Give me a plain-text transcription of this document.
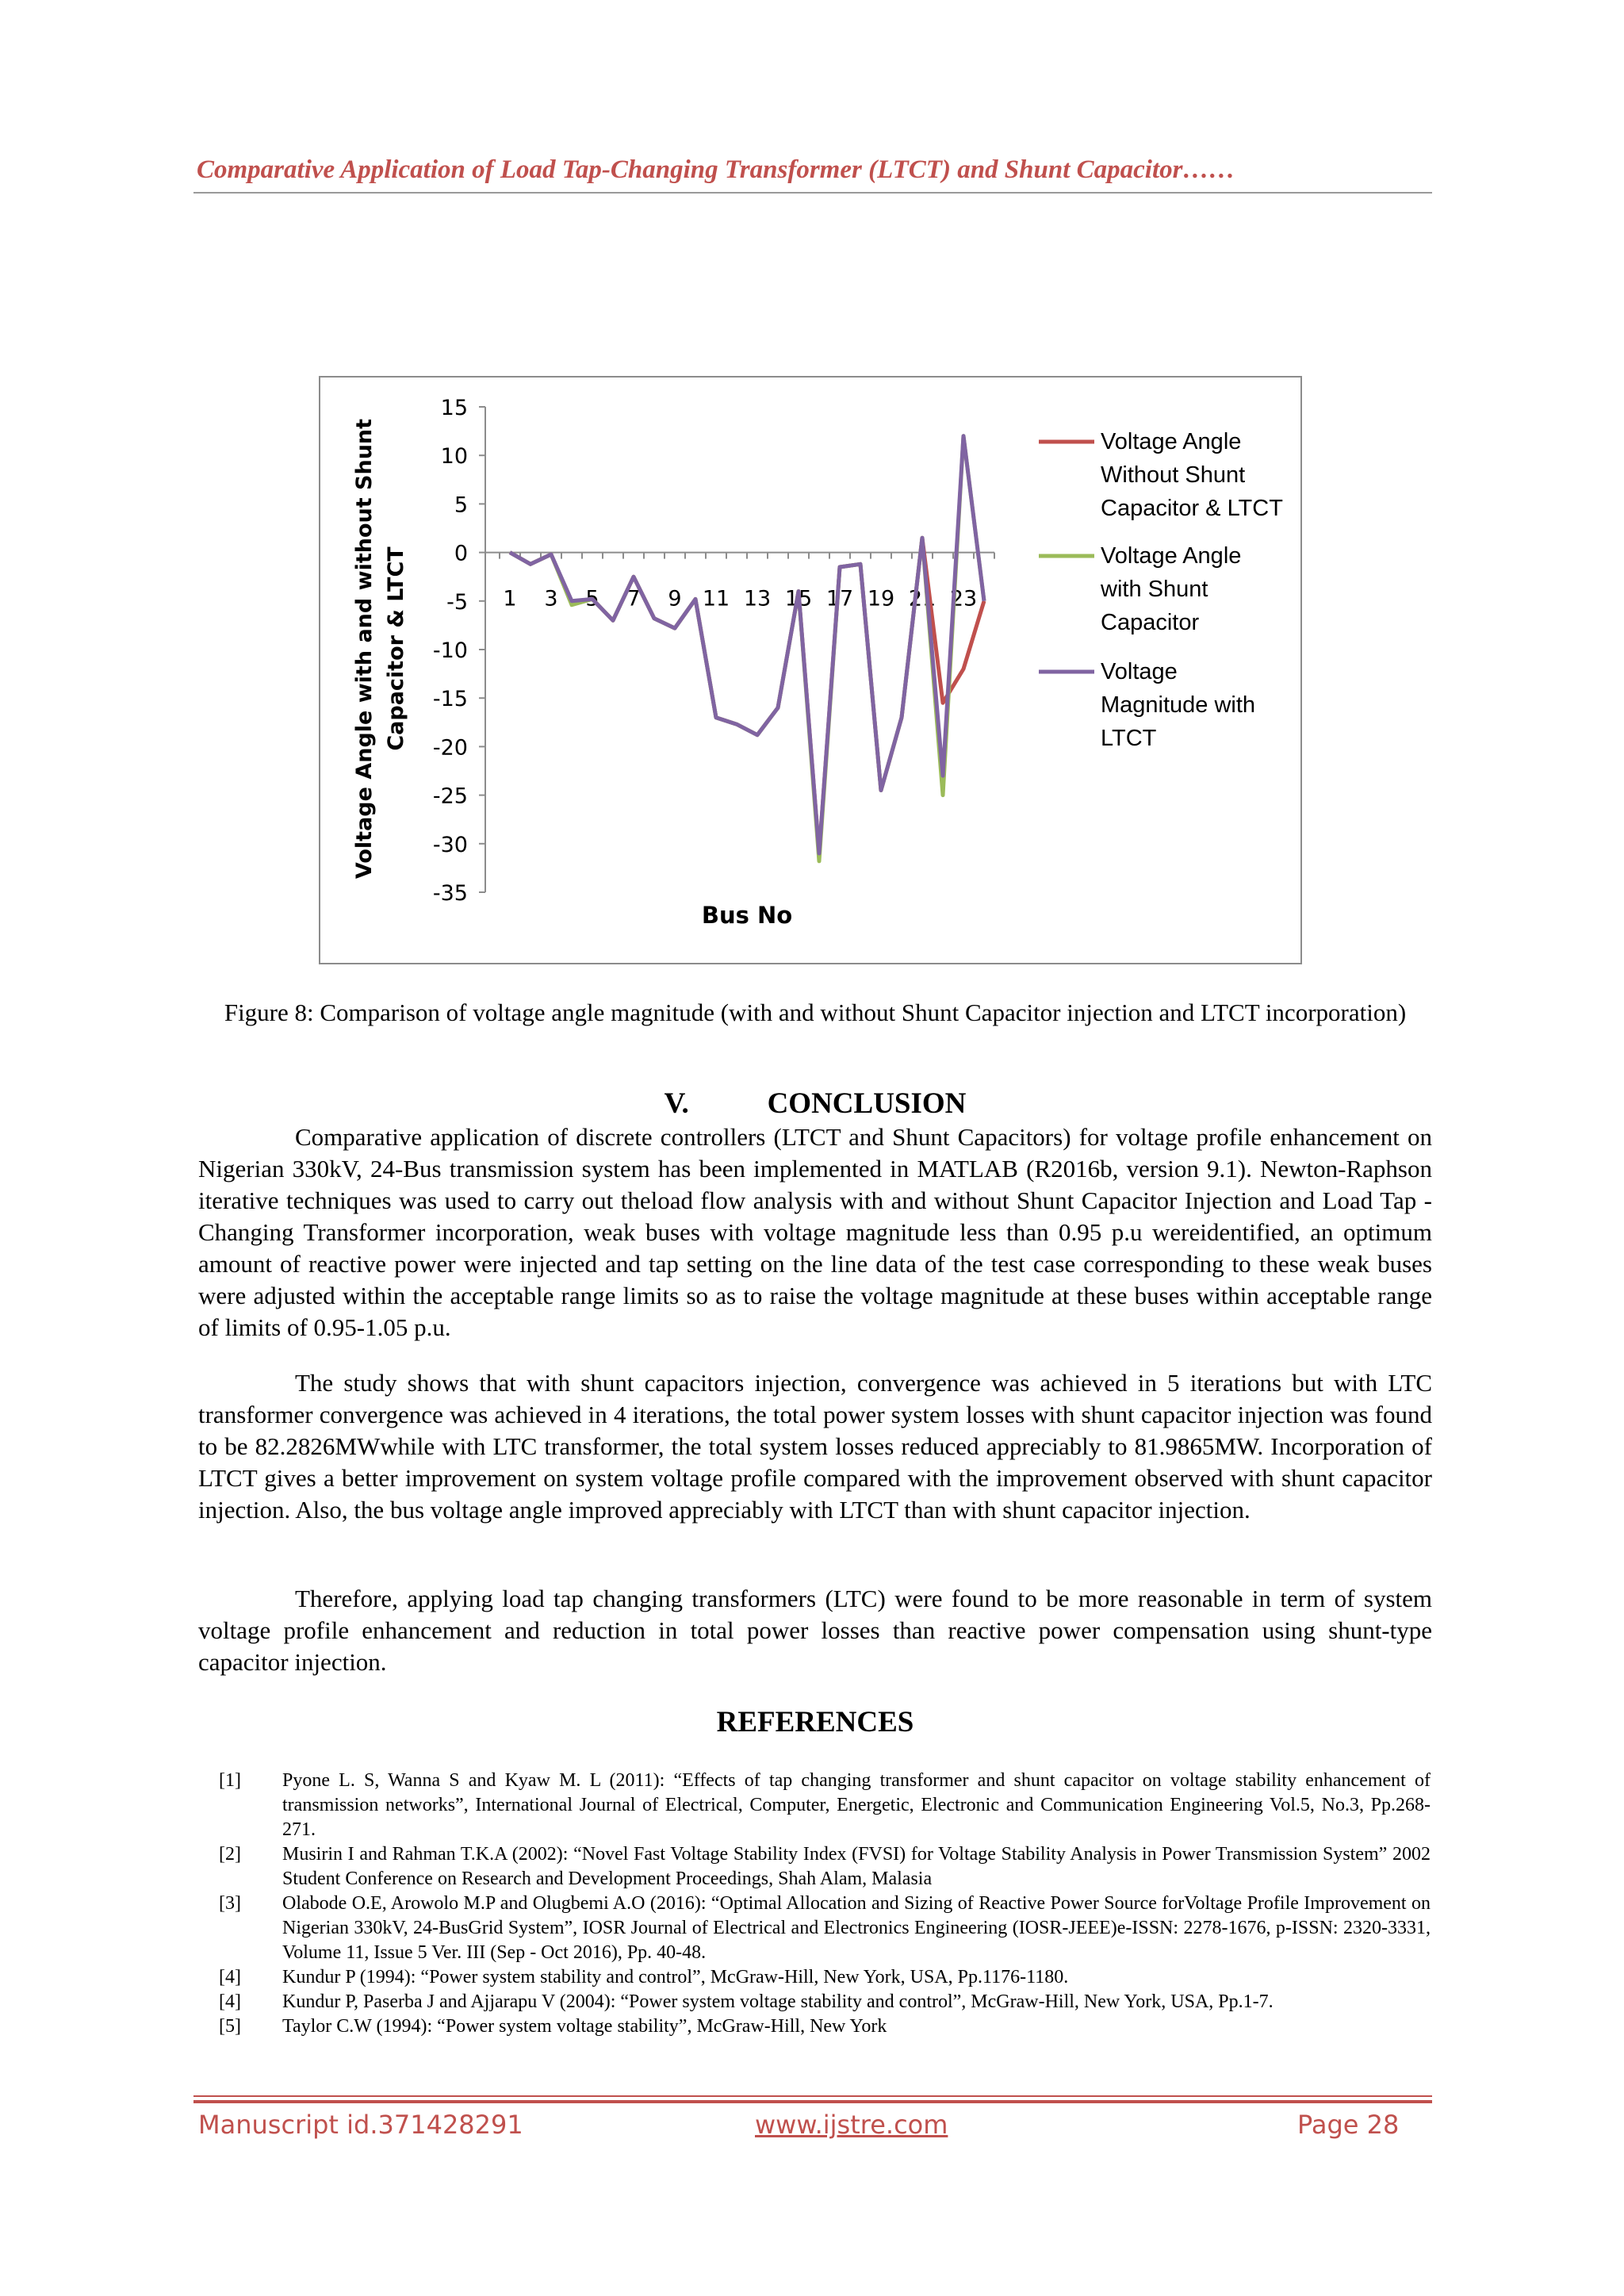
Comparative Application of Load Tap-Changing Transformer (LTCT) and Shunt Capacitor……
15
10
5
0
-5
-10
-15
-20
-25
-30
-35
1 3 5 7 9 11 13 15 17 19 21 23
Bus No
Voltage Angle with and without Shunt Capacitor & LTCT
Voltage Angle
Without Shunt
Capacitor & LTCT
Voltage Angle
with Shunt
Capacitor
Voltage
Magnitude with
LTCT
Figure 8: Comparison of voltage angle magnitude (with and without Shunt Capacitor injection and LTCT incorporation)
V.	CONCLUSION

Comparative application of discrete controllers (LTCT and Shunt Capacitors) for voltage profile enhancement on Nigerian 330kV, 24-Bus transmission system has been implemented in MATLAB (R2016b, version 9.1). Newton-Raphson iterative techniques was used to carry out theload flow analysis with and without Shunt Capacitor Injection and Load Tap - Changing Transformer incorporation, weak buses with voltage magnitude less than 0.95 p.u wereidentified, an optimum amount of reactive power were injected and tap setting on the line data of the test case corresponding to these weak buses were adjusted within the acceptable range limits so as to raise the voltage magnitude at these buses within acceptable range of limits of 0.95-1.05 p.u.

The study shows that with shunt capacitors injection, convergence was achieved in 5 iterations but with LTC transformer convergence was achieved in 4 iterations, the total power system losses with shunt capacitor injection was found to be 82.2826MWwhile with LTC transformer, the total system losses reduced appreciably to 81.9865MW. Incorporation of LTCT gives a better improvement on system voltage profile compared with the improvement observed with shunt capacitor injection. Also, the bus voltage angle improved appreciably with LTCT than with shunt capacitor injection.

Therefore, applying load tap changing transformers (LTC) were found to be more reasonable in term of system voltage profile enhancement and reduction in total power losses than reactive power compensation using shunt-type capacitor injection.

REFERENCES
[1]	Pyone L. S, Wanna S and Kyaw M. L (2011): “Effects of tap changing transformer and shunt capacitor on voltage stability enhancement of transmission networks”, International Journal of Electrical, Computer, Energetic, Electronic and Communication Engineering Vol.5, No.3, Pp.268-271.
[2]	Musirin I and Rahman T.K.A (2002): “Novel Fast Voltage Stability Index (FVSI) for Voltage Stability Analysis in Power Transmission System” 2002 Student Conference on Research and Development Proceedings, Shah Alam, Malasia
[3]	Olabode O.E, Arowolo M.P and Olugbemi A.O (2016): “Optimal Allocation and Sizing of Reactive Power Source forVoltage Profile Improvement on Nigerian 330kV, 24-BusGrid System”, IOSR Journal of Electrical and Electronics Engineering (IOSR-JEEE)e-ISSN: 2278-1676, p-ISSN: 2320-3331, Volume 11, Issue 5 Ver. III (Sep - Oct 2016), Pp. 40-48.
[4]	Kundur P (1994): “Power system stability and control”, McGraw-Hill, New York, USA, Pp.1176-1180.
[4]	Kundur P, Paserba J and Ajjarapu V (2004): “Power system voltage stability and control”, McGraw-Hill, New York, USA, Pp.1-7.
[5]	Taylor C.W (1994): “Power system voltage stability”, McGraw-Hill, New York
Manuscript id.371428291	www.ijstre.com	Page 28
